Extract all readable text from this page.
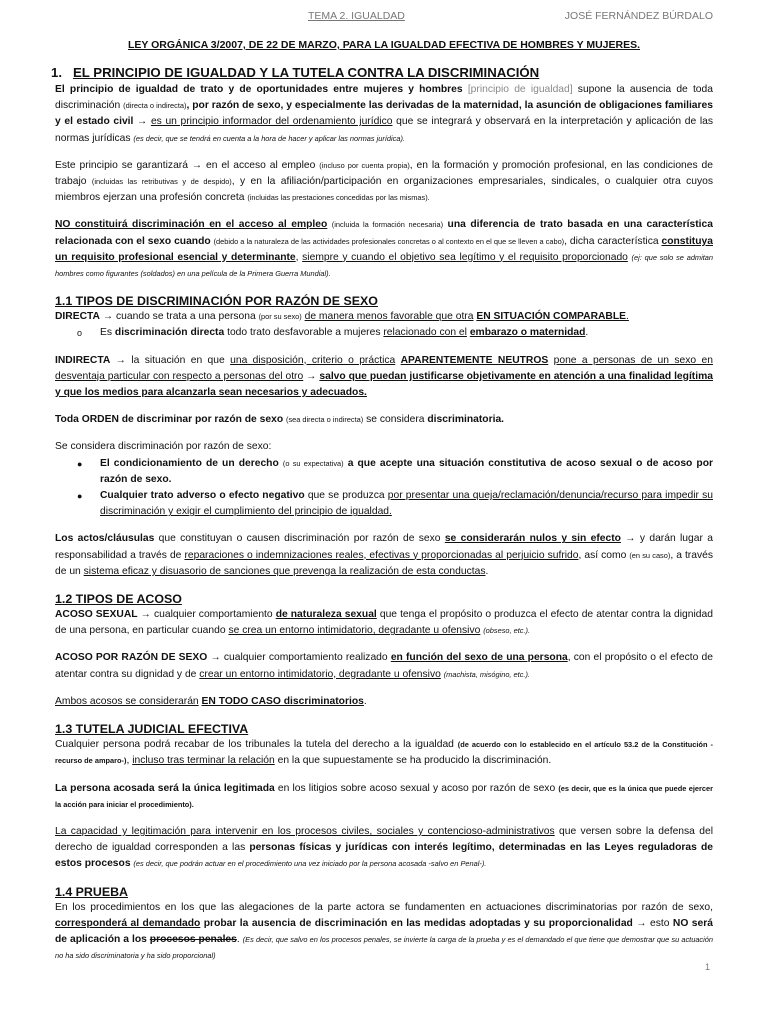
TEMA 2. IGUALDAD	JOSÉ FERNÁNDEZ BÚRDALO
LEY ORGÁNICA 3/2007, DE 22 DE MARZO, PARA LA IGUALDAD EFECTIVA DE HOMBRES Y MUJERES.
1. EL PRINCIPIO DE IGUALDAD Y LA TUTELA CONTRA LA DISCRIMINACIÓN

El principio de igualdad de trato y de oportunidades entre mujeres y hombres [principio de igualdad] supone la ausencia de toda discriminación (directa o indirecta), por razón de sexo, y especialmente las derivadas de la maternidad, la asunción de obligaciones familiares y el estado civil → es un principio informador del ordenamiento jurídico que se integrará y observará en la interpretación y aplicación de las normas jurídicas (es decir, que se tendrá en cuenta a la hora de hacer y aplicar las normas jurídica).

Este principio se garantizará → en el acceso al empleo (incluso por cuenta propia), en la formación y promoción profesional, en las condiciones de trabajo (incluidas las retributivas y de despido), y en la afiliación/participación en organizaciones empresariales, sindicales, o cualquier otra cuyos miembros ejerzan una profesión concreta (incluidas las prestaciones concedidas por las mismas).

NO constituirá discriminación en el acceso al empleo (incluida la formación necesaria) una diferencia de trato basada en una característica relacionada con el sexo cuando (debido a la naturaleza de las actividades profesionales concretas o al contexto en el que se lleven a cabo), dicha característica constituya un requisito profesional esencial y determinante, siempre y cuando el objetivo sea legítimo y el requisito proporcionado (ej: que solo se admitan hombres como figurantes (soldados) en una película de la Primera Guerra Mundial).

1.1 TIPOS DE DISCRIMINACIÓN POR RAZÓN DE SEXO

DIRECTA → cuando se trata a una persona (por su sexo) de manera menos favorable que otra EN SITUACIÓN COMPARABLE.

o Es discriminación directa todo trato desfavorable a mujeres relacionado con el embarazo o maternidad.

INDIRECTA → la situación en que una disposición, criterio o práctica APARENTEMENTE NEUTROS pone a personas de un sexo en desventaja particular con respecto a personas del otro → salvo que puedan justificarse objetivamente en atención a una finalidad legítima y que los medios para alcanzarla sean necesarios y adecuados.

Toda ORDEN de discriminar por razón de sexo (sea directa o indirecta) se considera discriminatoria.

Se considera discriminación por razón de sexo:

● El condicionamiento de un derecho (o su expectativa) a que acepte una situación constitutiva de acoso sexual o de acoso por razón de sexo.

● Cualquier trato adverso o efecto negativo que se produzca por presentar una queja/reclamación/denuncia/recurso para impedir su discriminación y exigir el cumplimiento del principio de igualdad.

Los actos/cláusulas que constituyan o causen discriminación por razón de sexo se considerarán nulos y sin efecto → y darán lugar a responsabilidad a través de reparaciones o indemnizaciones reales, efectivas y proporcionadas al perjuicio sufrido, así como (en su caso), a través de un sistema eficaz y disuasorio de sanciones que prevenga la realización de esta conductas.

1.2 TIPOS DE ACOSO

ACOSO SEXUAL → cualquier comportamiento de naturaleza sexual que tenga el propósito o produzca el efecto de atentar contra la dignidad de una persona, en particular cuando se crea un entorno intimidatorio, degradante u ofensivo (obseso, etc.).

ACOSO POR RAZÓN DE SEXO → cualquier comportamiento realizado en función del sexo de una persona, con el propósito o el efecto de atentar contra su dignidad y de crear un entorno intimidatorio, degradante u ofensivo (machista, misógino, etc.).

Ambos acosos se considerarán EN TODO CASO discriminatorios.

1.3 TUTELA JUDICIAL EFECTIVA

Cualquier persona podrá recabar de los tribunales la tutela del derecho a la igualdad (de acuerdo con lo establecido en el artículo 53.2 de la Constitución - recurso de amparo-), incluso tras terminar la relación en la que supuestamente se ha producido la discriminación.

La persona acosada será la única legitimada en los litigios sobre acoso sexual y acoso por razón de sexo (es decir, que es la única que puede ejercer la acción para iniciar el procedimiento).

La capacidad y legitimación para intervenir en los procesos civiles, sociales y contencioso-administrativos que versen sobre la defensa del derecho de igualdad corresponden a las personas físicas y jurídicas con interés legítimo, determinadas en las Leyes reguladoras de estos procesos (es decir, que podrán actuar en el procedimiento una vez iniciado por la persona acosada -salvo en Penal-).

1.4 PRUEBA

En los procedimientos en los que las alegaciones de la parte actora se fundamenten en actuaciones discriminatorias por razón de sexo, corresponderá al demandado probar la ausencia de discriminación en las medidas adoptadas y su proporcionalidad → esto NO será de aplicación a los procesos penales. (Es decir, que salvo en los procesos penales, se invierte la carga de la prueba y es el demandado el que tiene que demostrar que su actuación no ha sido discriminatoria y ha sido proporcional)

1
